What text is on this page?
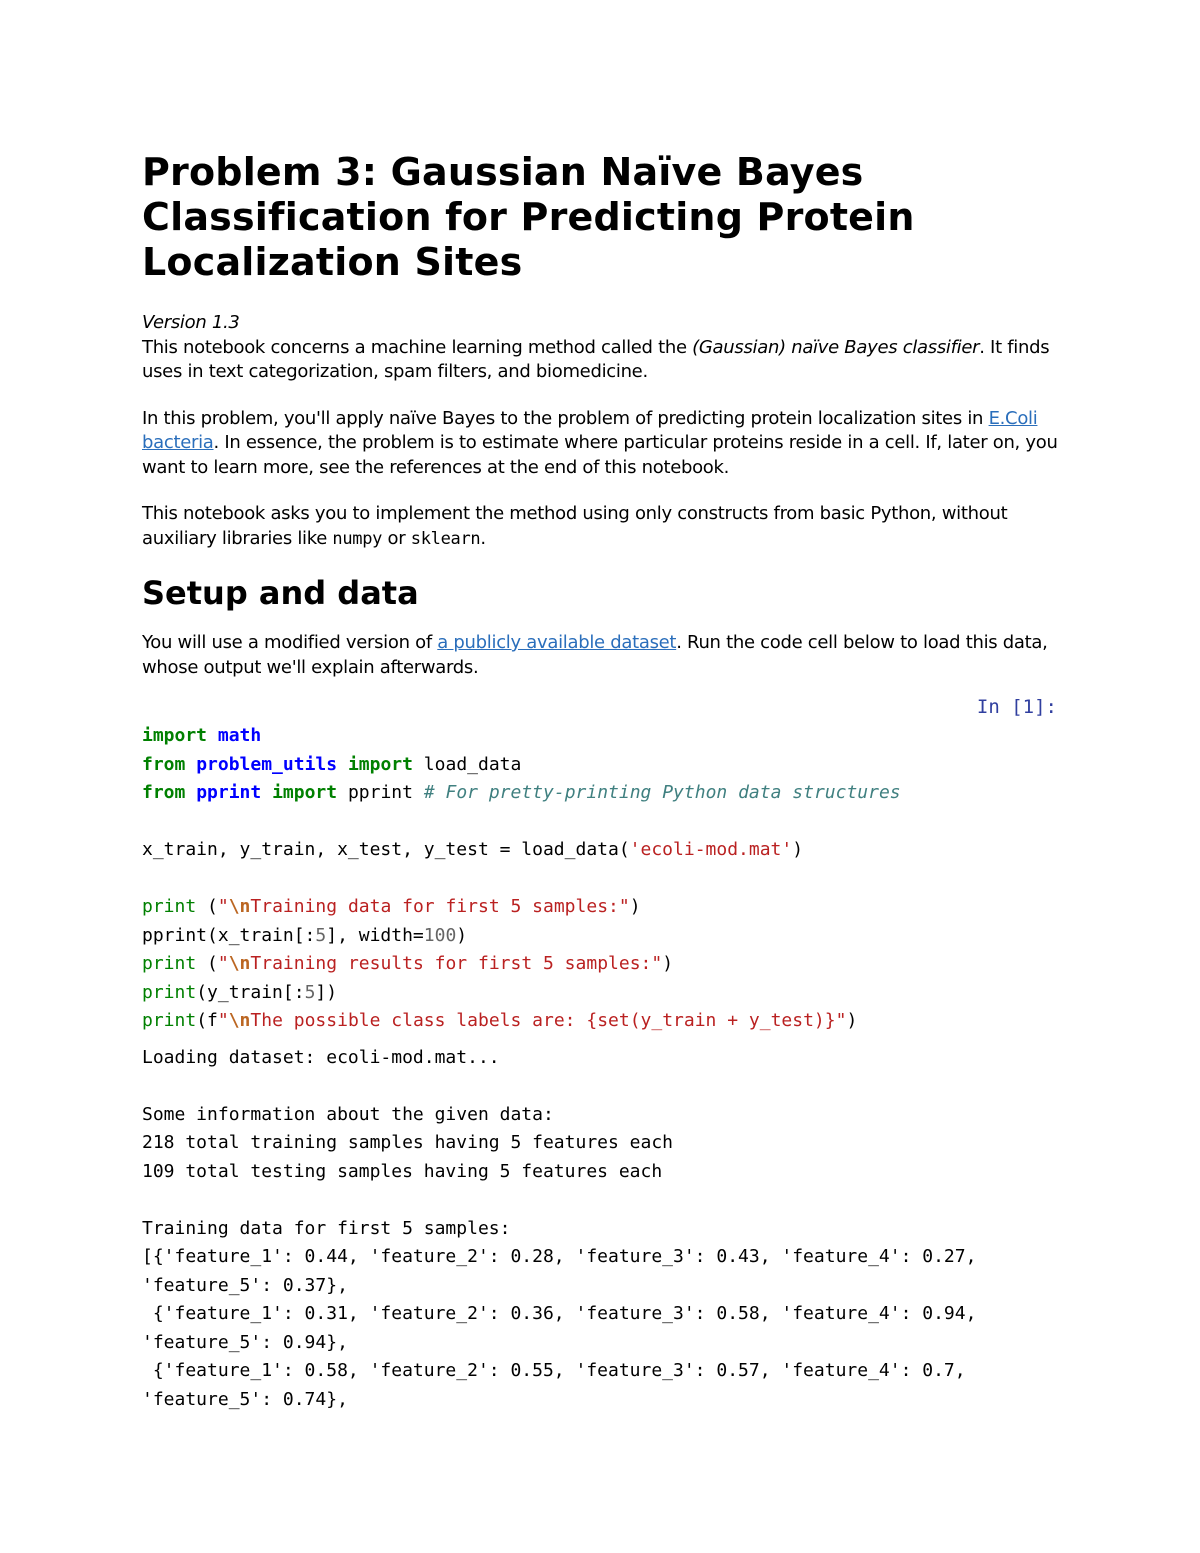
Problem 3: Gaussian Naïve Bayes Classification for Predicting Protein Localization Sites

Version 1.3

This notebook concerns a machine learning method called the (Gaussian) naïve Bayes classifier. It finds uses in text categorization, spam filters, and biomedicine.

In this problem, you'll apply naïve Bayes to the problem of predicting protein localization sites in E.Coli bacteria. In essence, the problem is to estimate where particular proteins reside in a cell. If, later on, you want to learn more, see the references at the end of this notebook.

This notebook asks you to implement the method using only constructs from basic Python, without auxiliary libraries like numpy or sklearn.

Setup and data

You will use a modified version of a publicly available dataset. Run the code cell below to load this data, whose output we'll explain afterwards.

In [1]:
import math
from problem_utils import load_data
from pprint import pprint # For pretty-printing Python data structures

x_train, y_train, x_test, y_test = load_data('ecoli-mod.mat')

print ("\nTraining data for first 5 samples:")
pprint(x_train[:5], width=100)
print ("\nTraining results for first 5 samples:")
print(y_train[:5])
print(f"\nThe possible class labels are: {set(y_train + y_test)}")
Loading dataset: ecoli-mod.mat...

Some information about the given data:
218 total training samples having 5 features each
109 total testing samples having 5 features each

Training data for first 5 samples:
[{'feature_1': 0.44, 'feature_2': 0.28, 'feature_3': 0.43, 'feature_4': 0.27,
'feature_5': 0.37},
{'feature_1': 0.31, 'feature_2': 0.36, 'feature_3': 0.58, 'feature_4': 0.94,
'feature_5': 0.94},
{'feature_1': 0.58, 'feature_2': 0.55, 'feature_3': 0.57, 'feature_4': 0.7,
'feature_5': 0.74},
